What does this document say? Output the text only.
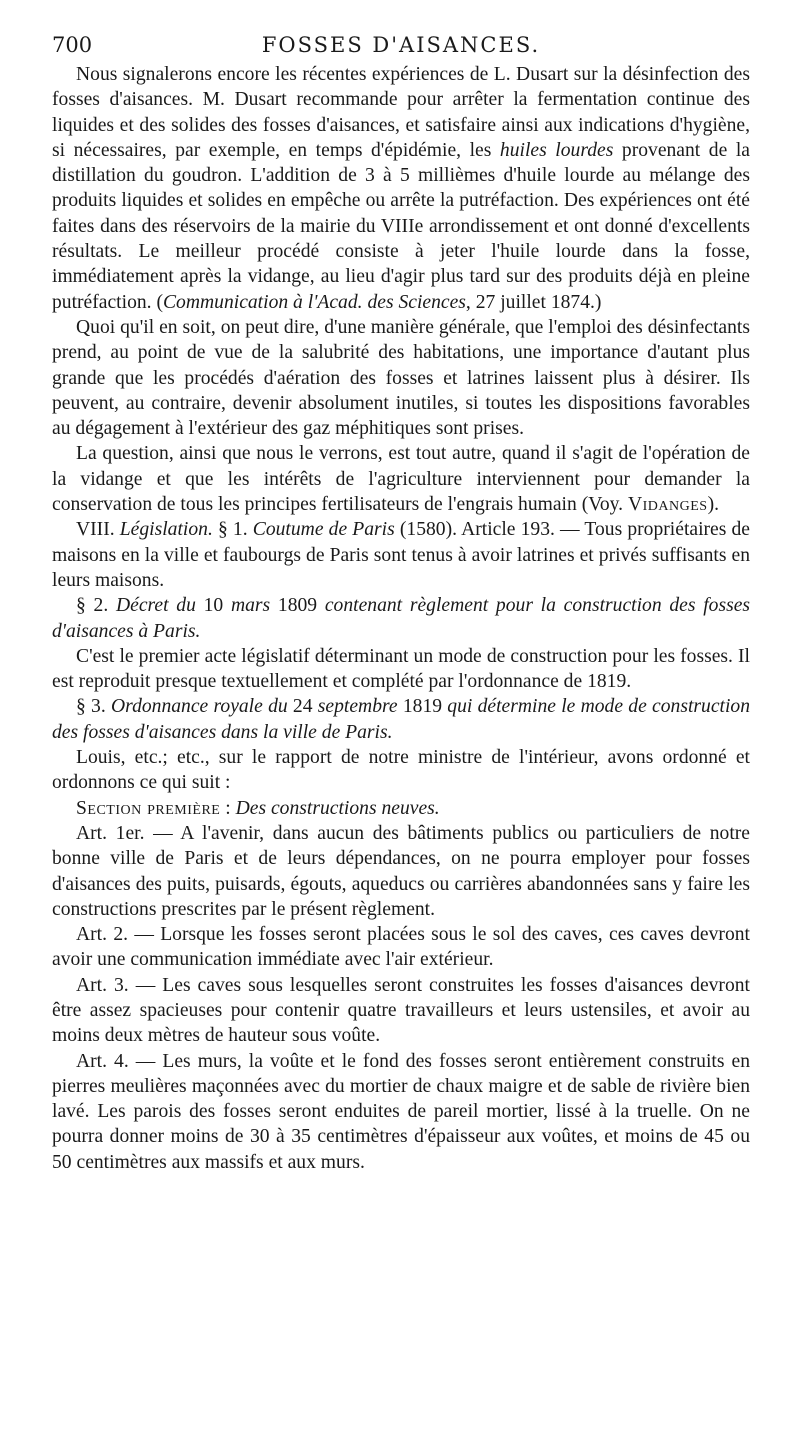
700	FOSSES D'AISANCES.

Nous signalerons encore les récentes expériences de L. Dusart sur la désinfection des fosses d'aisances. M. Dusart recommande pour arrêter la fermentation continue des liquides et des solides des fosses d'aisances, et satisfaire ainsi aux indications d'hygiène, si nécessaires, par exemple, en temps d'épidémie, les huiles lourdes provenant de la distillation du goudron. L'addition de 3 à 5 millièmes d'huile lourde au mélange des produits liquides et solides en empêche ou arrête la putréfaction. Des expériences ont été faites dans des réservoirs de la mairie du VIIIe arrondissement et ont donné d'excellents résultats. Le meilleur procédé consiste à jeter l'huile lourde dans la fosse, immédiatement après la vidange, au lieu d'agir plus tard sur des produits déjà en pleine putréfaction. (Communication à l'Acad. des Sciences, 27 juillet 1874.)

Quoi qu'il en soit, on peut dire, d'une manière générale, que l'emploi des désinfectants prend, au point de vue de la salubrité des habitations, une importance d'autant plus grande que les procédés d'aération des fosses et latrines laissent plus à désirer. Ils peuvent, au contraire, devenir absolument inutiles, si toutes les dispositions favorables au dégagement à l'extérieur des gaz méphitiques sont prises.

La question, ainsi que nous le verrons, est tout autre, quand il s'agit de l'opération de la vidange et que les intérêts de l'agriculture interviennent pour demander la conservation de tous les principes fertilisateurs de l'engrais humain (Voy. Vidanges).

VIII. Législation. § 1. Coutume de Paris (1580). Article 193. — Tous propriétaires de maisons en la ville et faubourgs de Paris sont tenus à avoir latrines et privés suffisants en leurs maisons.

§ 2. Décret du 10 mars 1809 contenant règlement pour la construction des fosses d'aisances à Paris.

C'est le premier acte législatif déterminant un mode de construction pour les fosses. Il est reproduit presque textuellement et complété par l'ordonnance de 1819.

§ 3. Ordonnance royale du 24 septembre 1819 qui détermine le mode de construction des fosses d'aisances dans la ville de Paris.

Louis, etc.; etc., sur le rapport de notre ministre de l'intérieur, avons ordonné et ordonnons ce qui suit :

Section première : Des constructions neuves.

Art. 1er. — A l'avenir, dans aucun des bâtiments publics ou particuliers de notre bonne ville de Paris et de leurs dépendances, on ne pourra employer pour fosses d'aisances des puits, puisards, égouts, aqueducs ou carrières abandonnées sans y faire les constructions prescrites par le présent règlement.

Art. 2. — Lorsque les fosses seront placées sous le sol des caves, ces caves devront avoir une communication immédiate avec l'air extérieur.

Art. 3. — Les caves sous lesquelles seront construites les fosses d'aisances devront être assez spacieuses pour contenir quatre travailleurs et leurs ustensiles, et avoir au moins deux mètres de hauteur sous voûte.

Art. 4. — Les murs, la voûte et le fond des fosses seront entièrement construits en pierres meulières maçonnées avec du mortier de chaux maigre et de sable de rivière bien lavé. Les parois des fosses seront enduites de pareil mortier, lissé à la truelle. On ne pourra donner moins de 30 à 35 centimètres d'épaisseur aux voûtes, et moins de 45 ou 50 centimètres aux massifs et aux murs.
